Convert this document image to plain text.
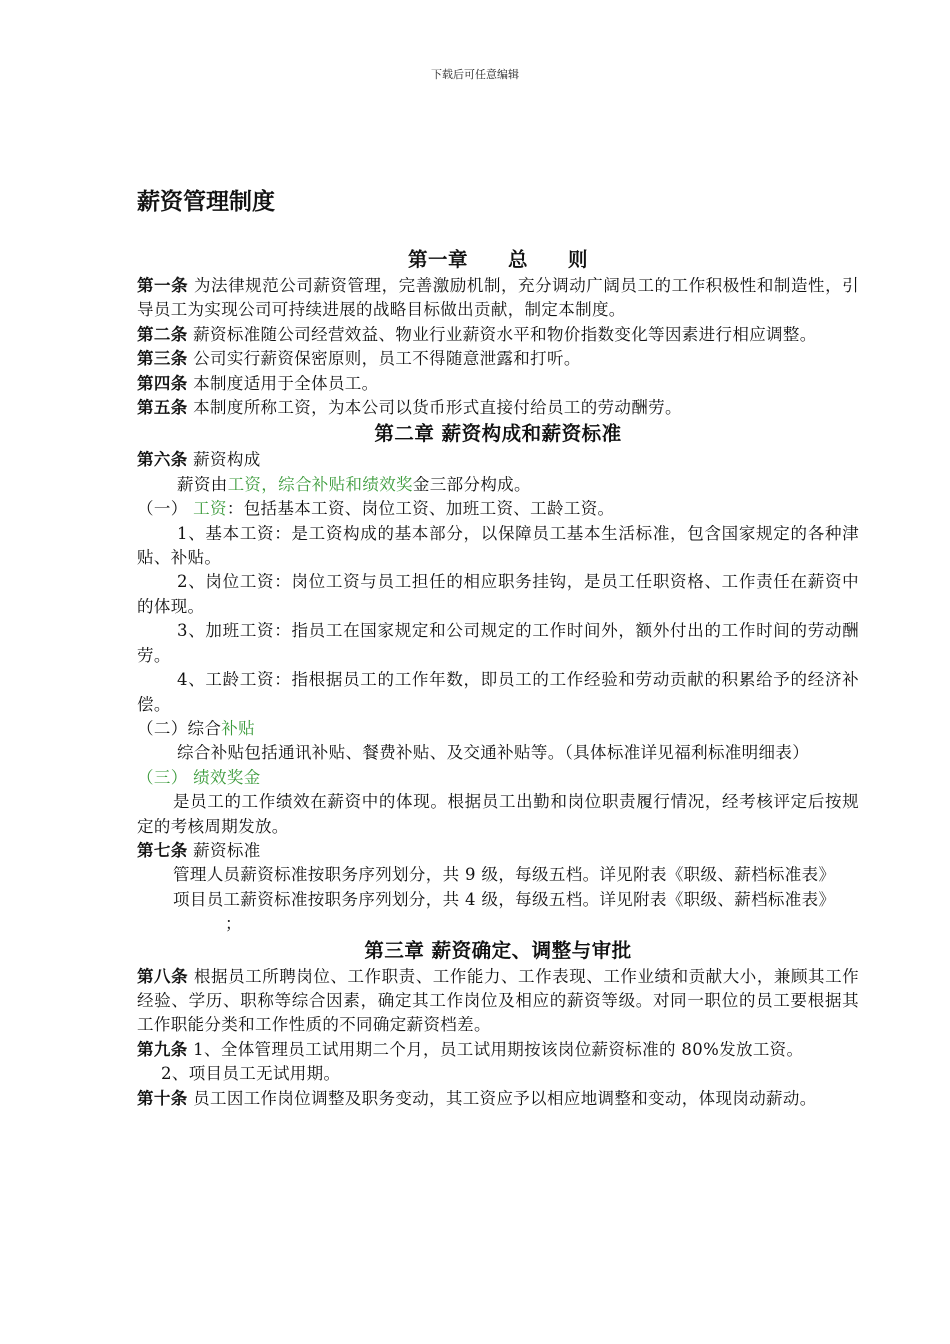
下载后可任意编辑
薪资管理制度
第一章　　总　　则
第一条 为法律规范公司薪资管理，完善激励机制，充分调动广阔员工的工作积极性和制造性，引导员工为实现公司可持续进展的战略目标做出贡献，制定本制度。
第二条 薪资标准随公司经营效益、物业行业薪资水平和物价指数变化等因素进行相应调整。
第三条 公司实行薪资保密原则，员工不得随意泄露和打听。
第四条 本制度适用于全体员工。
第五条 本制度所称工资，为本公司以货币形式直接付给员工的劳动酬劳。
第二章 薪资构成和薪资标准
第六条 薪资构成
薪资由工资，综合补贴和绩效奖金三部分构成。
（一） 工资：包括基本工资、岗位工资、加班工资、工龄工资。
1、基本工资：是工资构成的基本部分，以保障员工基本生活标准，包含国家规定的各种津贴、补贴。
2、岗位工资：岗位工资与员工担任的相应职务挂钩，是员工任职资格、工作责任在薪资中的体现。
3、加班工资：指员工在国家规定和公司规定的工作时间外，额外付出的工作时间的劳动酬劳。
4、工龄工资：指根据员工的工作年数，即员工的工作经验和劳动贡献的积累给予的经济补偿。
（二）综合补贴
综合补贴包括通讯补贴、餐费补贴、及交通补贴等。（具体标准详见福利标准明细表）
（三） 绩效奖金
是员工的工作绩效在薪资中的体现。根据员工出勤和岗位职责履行情况，经考核评定后按规定的考核周期发放。
第七条 薪资标准
管理人员薪资标准按职务序列划分，共 9 级，每级五档。详见附表《职级、薪档标准表》
项目员工薪资标准按职务序列划分，共 4 级，每级五档。详见附表《职级、薪档标准表》
；
第三章 薪资确定、调整与审批
第八条 根据员工所聘岗位、工作职责、工作能力、工作表现、工作业绩和贡献大小，兼顾其工作经验、学历、职称等综合因素，确定其工作岗位及相应的薪资等级。对同一职位的员工要根据其工作职能分类和工作性质的不同确定薪资档差。
第九条 1、全体管理员工试用期二个月，员工试用期按该岗位薪资标准的 80%发放工资。
2、项目员工无试用期。
第十条 员工因工作岗位调整及职务变动，其工资应予以相应地调整和变动，体现岗动薪动。
